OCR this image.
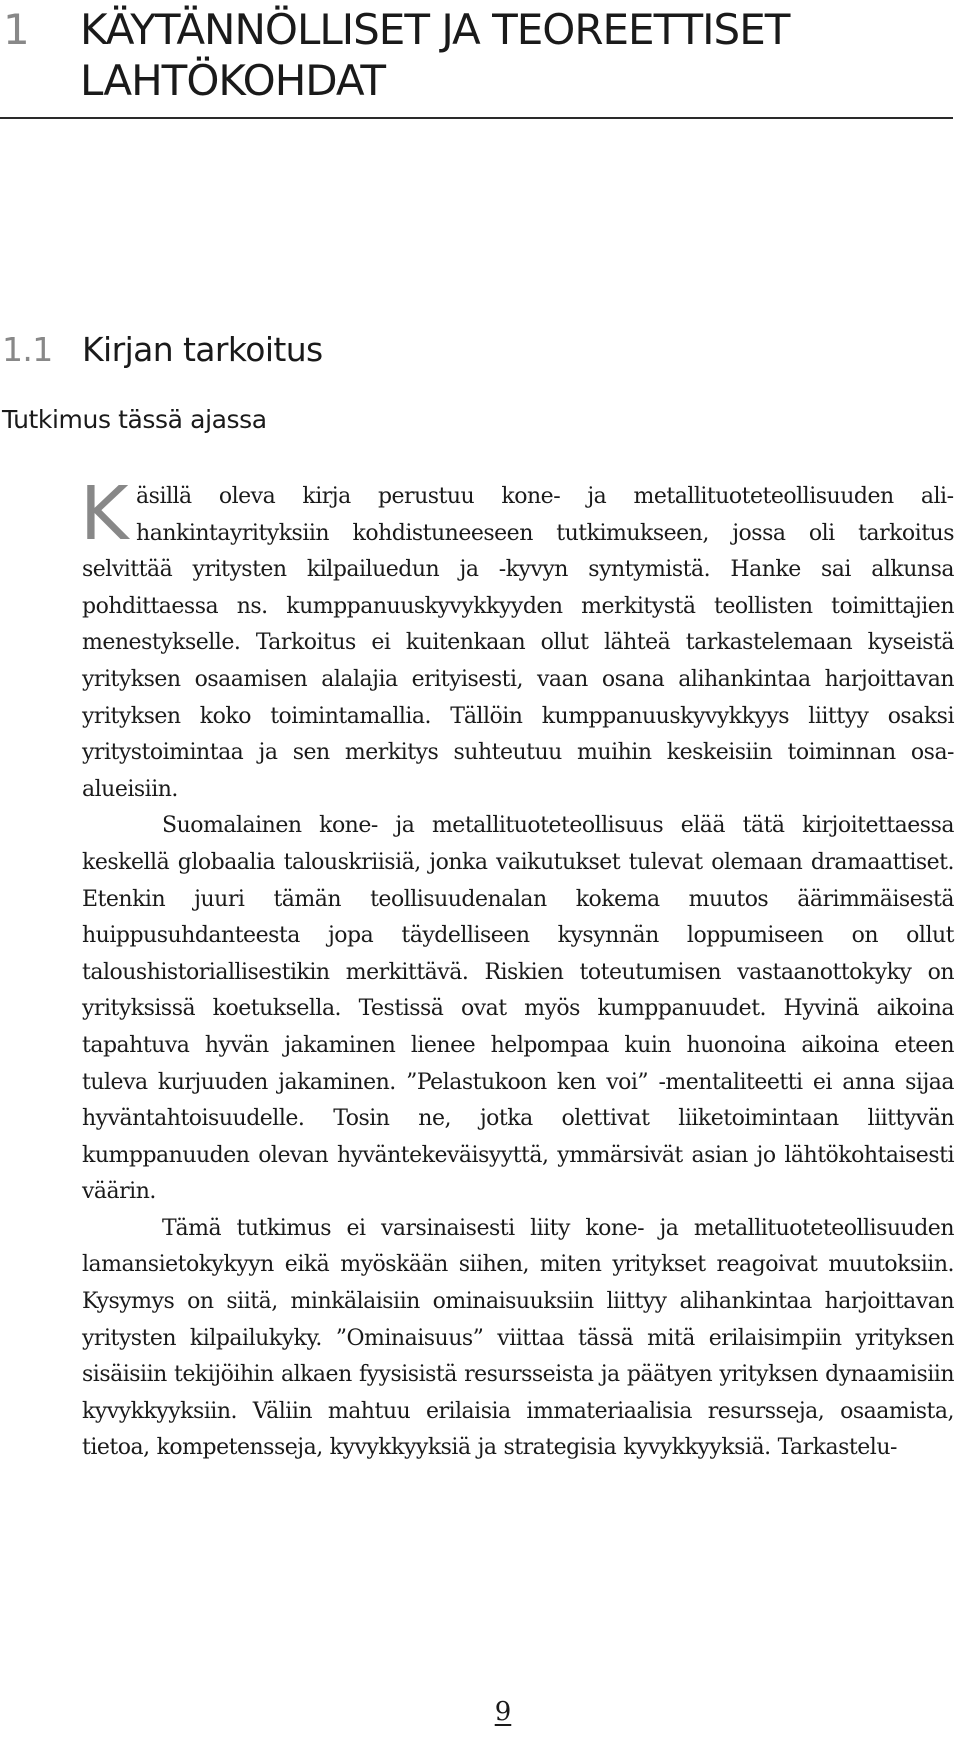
1 KÄYTÄNNÖLLISET JA TEOREETTISET LAHTÖKOHDAT
1.1 Kirjan tarkoitus
Tutkimus tässä ajassa

Käsillä oleva kirja perustuu kone- ja metallituoteteollisuuden alihankintayrityksiin kohdistuneeseen tutkimukseen, jossa oli tarkoitus selvittää yritysten kilpailuedun ja -kyvyn syntymistä. Hanke sai alkunsa pohdittaessa ns. kumppanuuskyvykkyyden merkitystä teollisten toimittajien menestykselle. Tarkoitus ei kuitenkaan ollut lähteä tarkastelemaan kyseistä yrityksen osaamisen alalajia erityisesti, vaan osana alihankintaa harjoittavan yrityksen koko toimintamallia. Tällöin kumppanuuskyvykkyys liittyy osaksi yritystoimintaa ja sen merkitys suhteutuu muihin keskeisiin toiminnan osa-alueisiin.

Suomalainen kone- ja metallituoteteollisuus elää tätä kirjoitettaessa keskellä globaalia talouskriisiä, jonka vaikutukset tulevat olemaan dramaattiset. Etenkin juuri tämän teollisuudenalan kokema muutos äärimmäisestä huippusuhdanteesta jopa täydelliseen kysynnän loppumiseen on ollut taloushistoriallisestikin merkittävä. Riskien toteutumisen vastaanottokyky on yrityksissä koetuksella. Testissä ovat myös kumppanuudet. Hyvinä aikoina tapahtuva hyvän jakaminen lienee helpompaa kuin huonoina aikoina eteen tuleva kurjuuden jakaminen. ”Pelastukoon ken voi” -mentaliteetti ei anna sijaa hyväntahtoisuudelle. Tosin ne, jotka olettivat liiketoimintaan liittyvän kumppanuuden olevan hyväntekeväisyyttä, ymmärsivät asian jo lähtökohtaisesti väärin.

Tämä tutkimus ei varsinaisesti liity kone- ja metallituoteteollisuuden lamansietokykyyn eikä myöskään siihen, miten yritykset reagoivat muutoksiin. Kysymys on siitä, minkälaisiin ominaisuuksiin liittyy alihankintaa harjoittavan yritysten kilpailukyky. ”Ominaisuus” viittaa tässä mitä erilaisimpiin yrityksen sisäisiin tekijöihin alkaen fyysisistä resursseista ja päätyen yrityksen dynaamisiin kyvykkyyksiin. Väliin mahtuu erilaisia immateriaalisia resursseja, osaamista, tietoa, kompetensseja, kyvykkyyksiä ja strategisia kyvykkyyksiä. Tarkastelu-

9
